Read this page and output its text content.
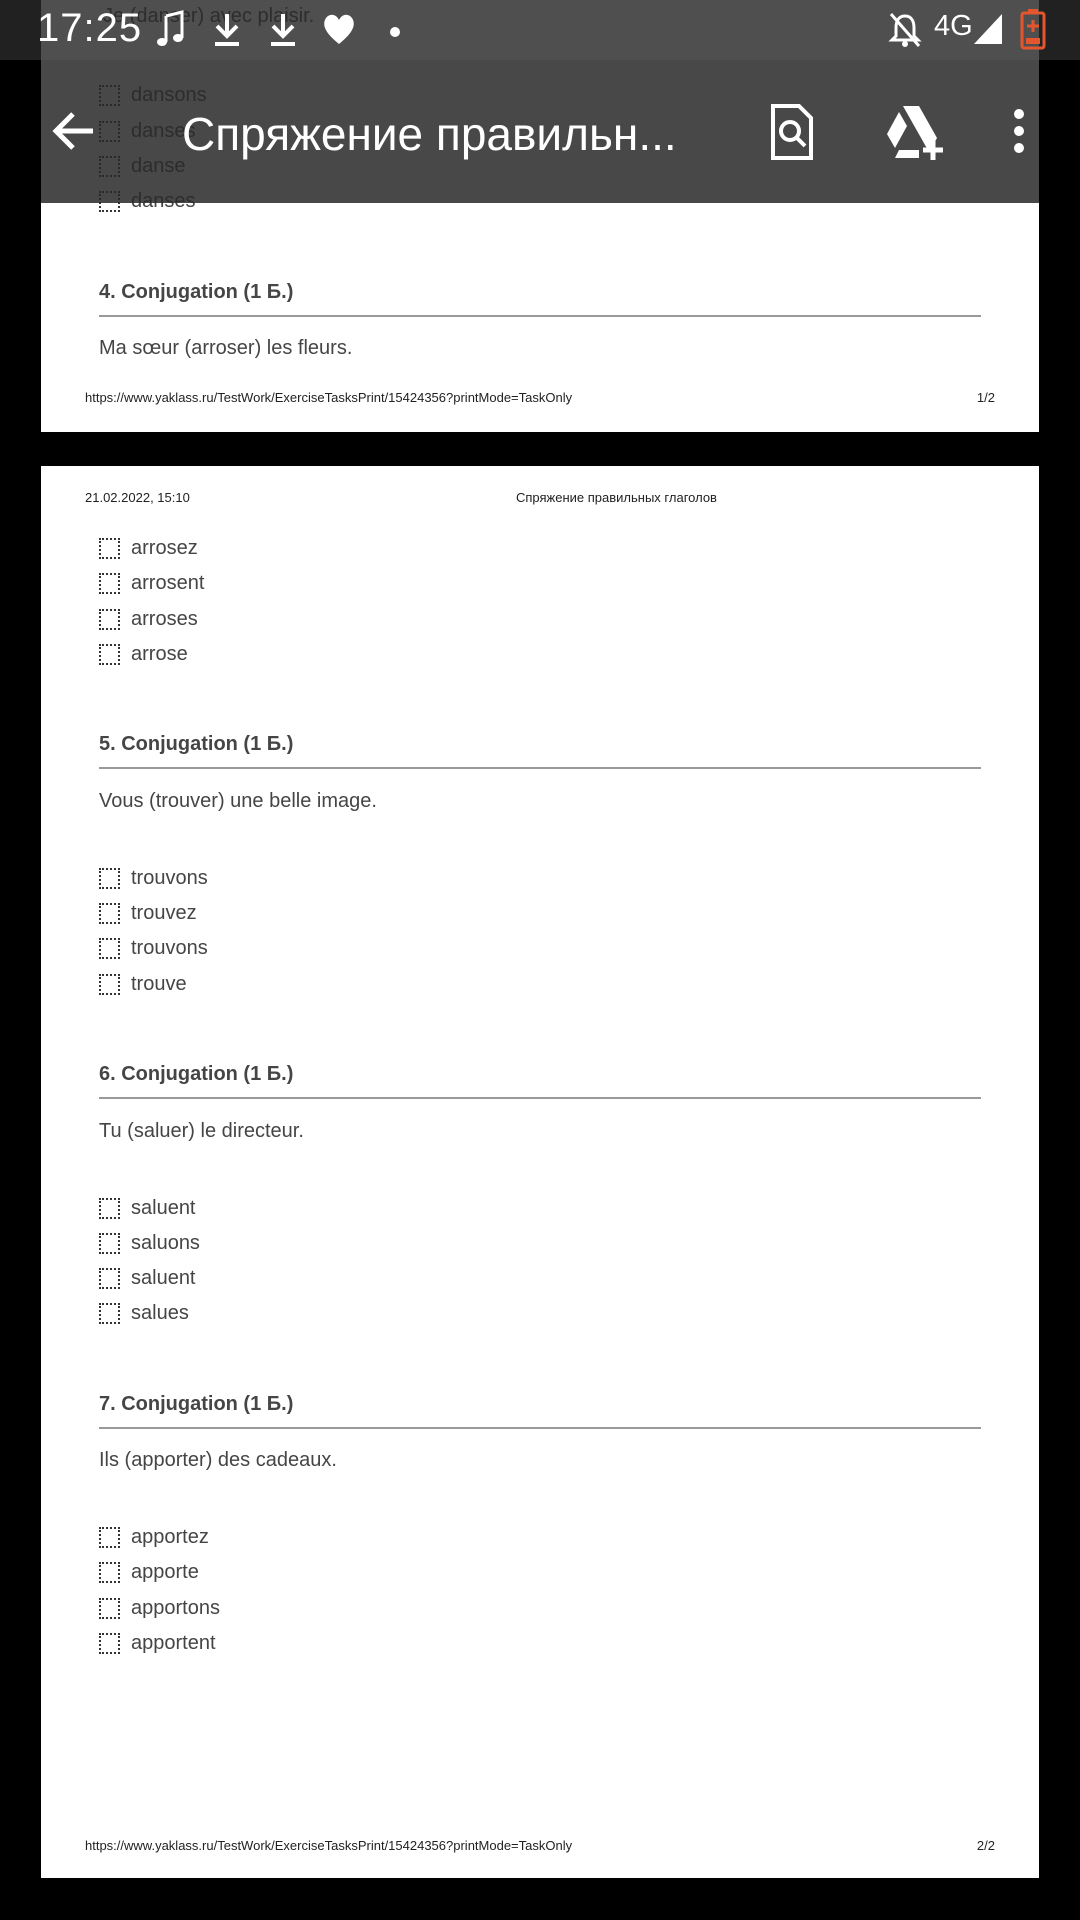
4. Conjugation (1 Б.)
Ma sœur (arroser) les fleurs.
https://www.yaklass.ru/TestWork/ExerciseTasksPrint/15424356?printMode=TaskOnly	1/2
21.02.2022, 15:10	Спряжение правильных глаголов
arrosez
arrosent
arroses
arrose
5. Conjugation (1 Б.)
Vous (trouver) une belle image.
trouvons
trouvez
trouvons
trouve
6. Conjugation (1 Б.)
Tu (saluer) le directeur.
saluent
saluons
saluent
salues
7. Conjugation (1 Б.)
Ils (apporter) des cadeaux.
apportez
apporte
apportons
apportent
https://www.yaklass.ru/TestWork/ExerciseTasksPrint/15424356?printMode=TaskOnly	2/2
17:25	4G
Спряжение правильн...
